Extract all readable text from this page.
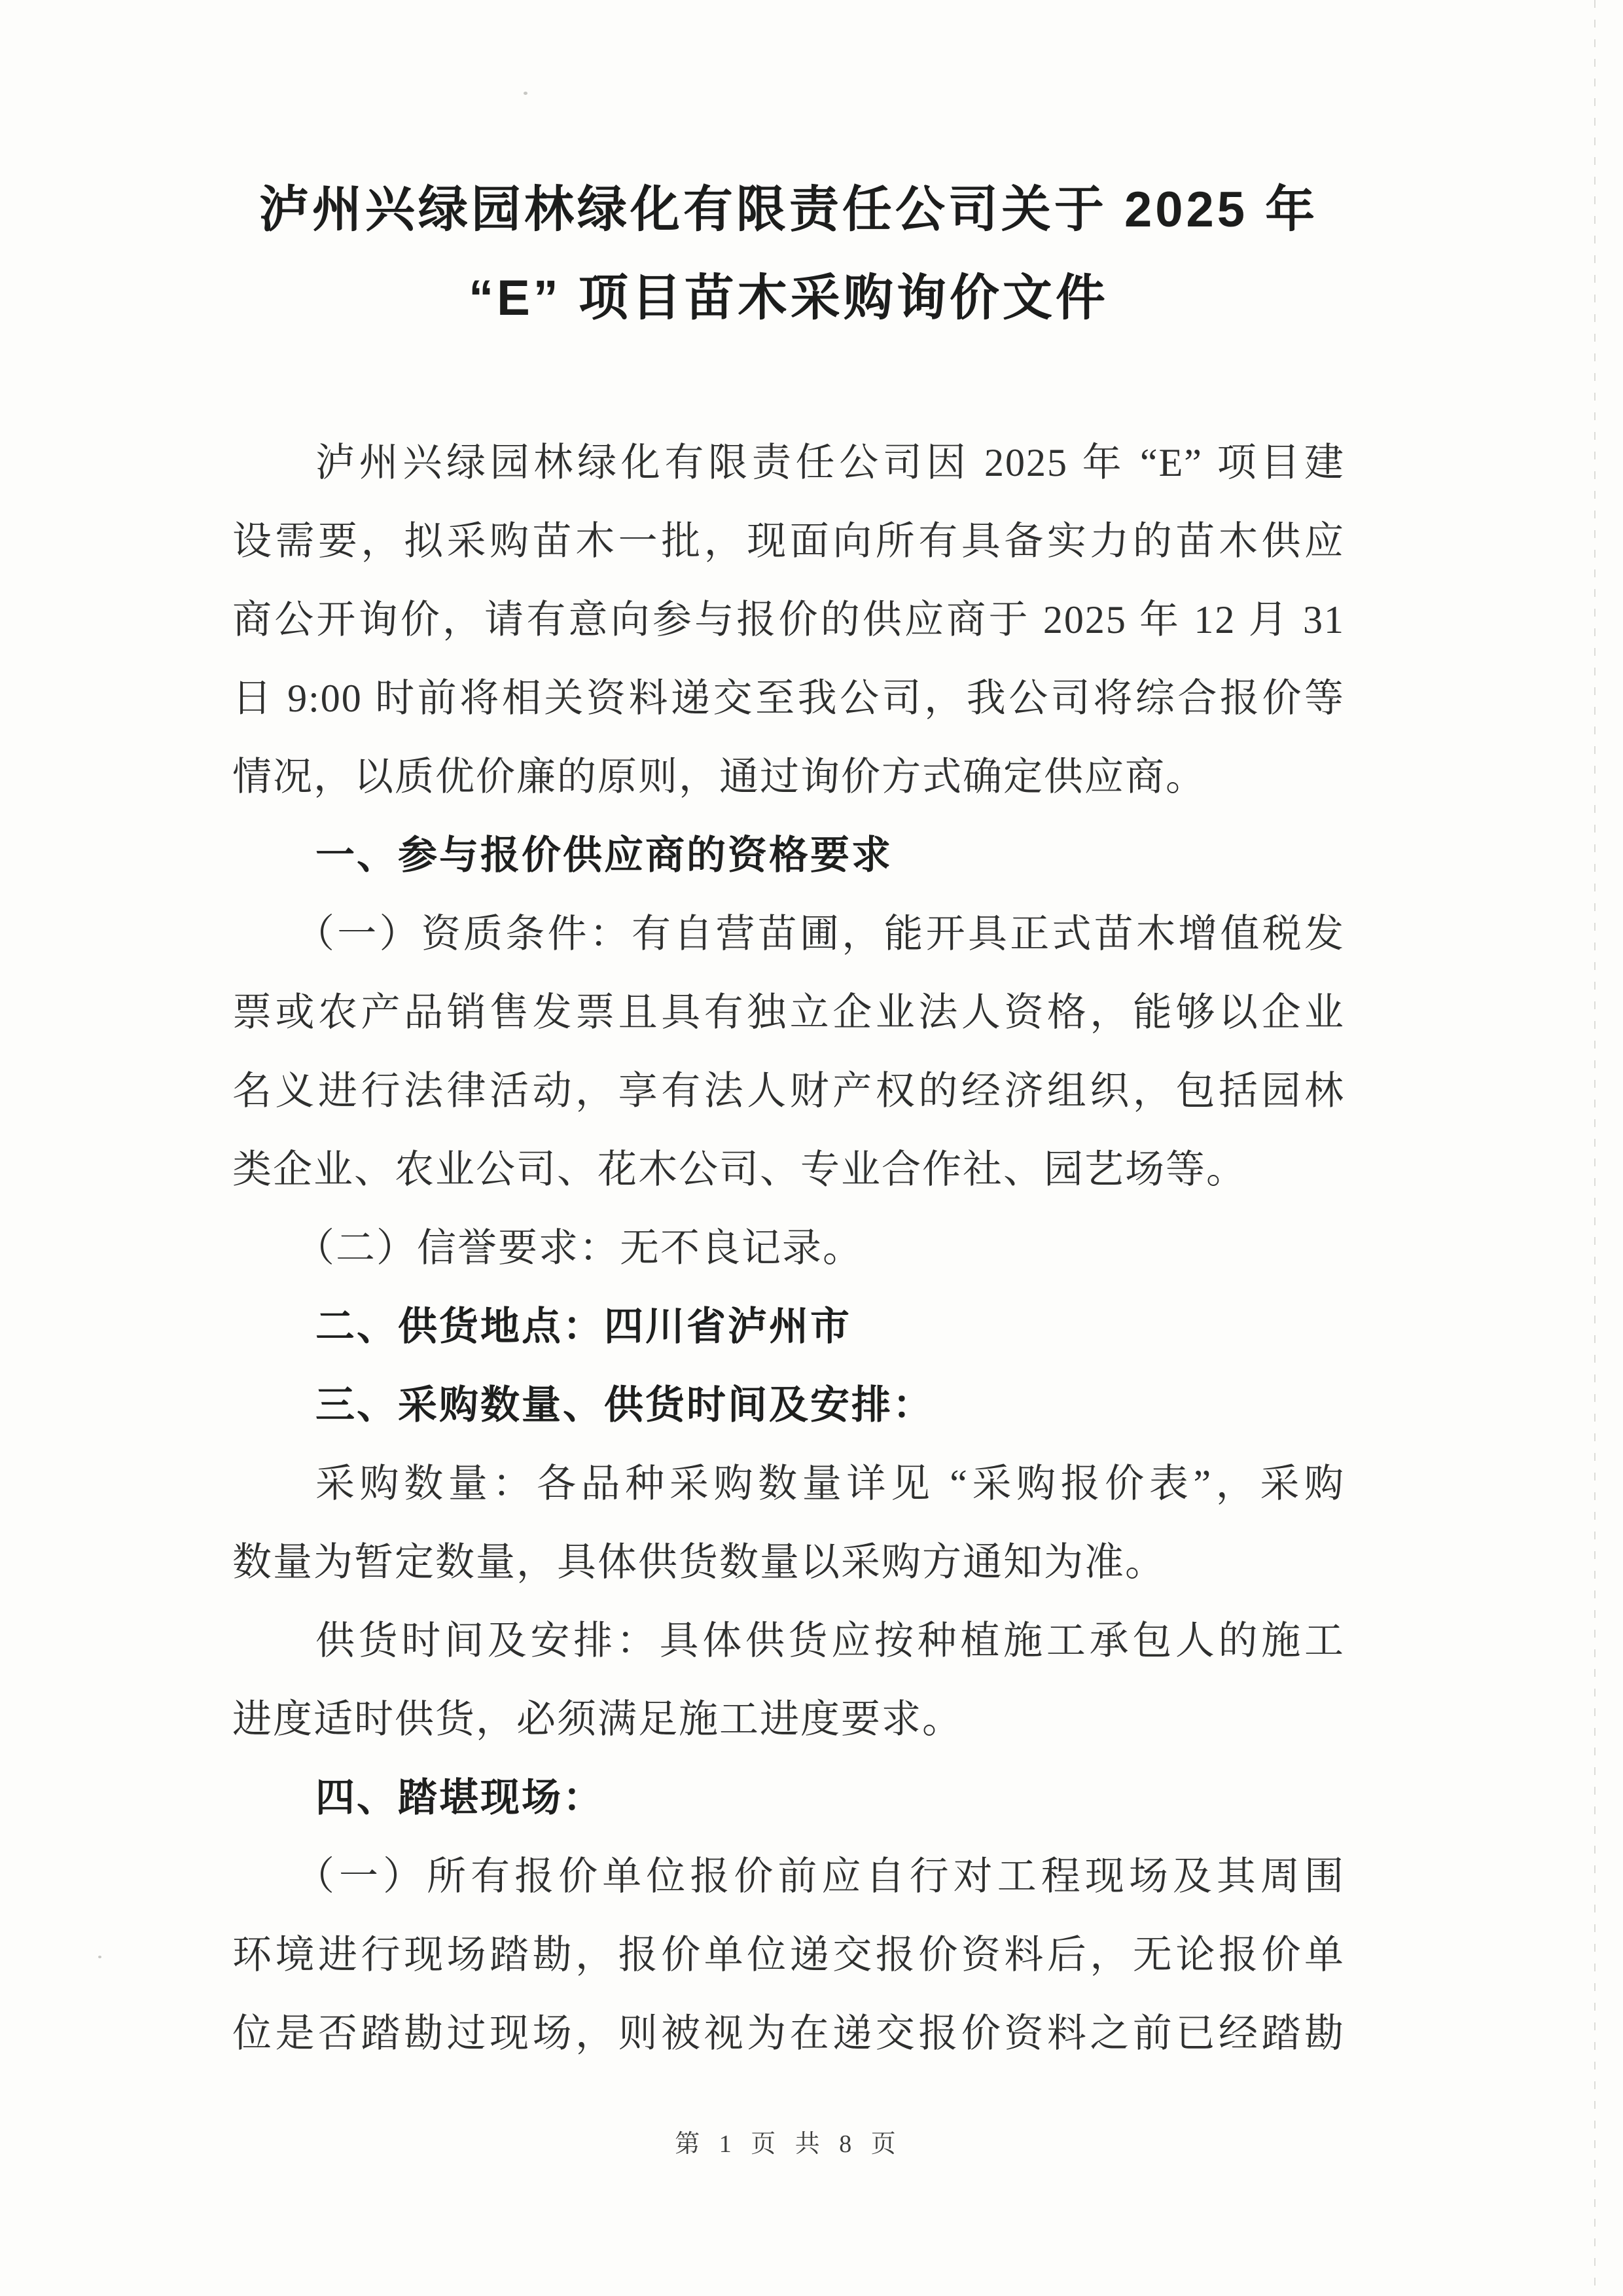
泸州兴绿园林绿化有限责任公司关于 2025 年
“E” 项目苗木采购询价文件
泸州兴绿园林绿化有限责任公司因 2025 年 “E” 项目建
设需要，拟采购苗木一批，现面向所有具备实力的苗木供应
商公开询价，请有意向参与报价的供应商于 2025 年 12 月 31
日 9:00 时前将相关资料递交至我公司，我公司将综合报价等
情况，以质优价廉的原则，通过询价方式确定供应商。
一、参与报价供应商的资格要求
（一）资质条件：有自营苗圃，能开具正式苗木增值税发
票或农产品销售发票且具有独立企业法人资格，能够以企业
名义进行法律活动，享有法人财产权的经济组织，包括园林
类企业、农业公司、花木公司、专业合作社、园艺场等。
（二）信誉要求：无不良记录。
二、供货地点：四川省泸州市
三、采购数量、供货时间及安排：
采购数量：各品种采购数量详见 “采购报价表”，采购
数量为暂定数量，具体供货数量以采购方通知为准。
供货时间及安排：具体供货应按种植施工承包人的施工
进度适时供货，必须满足施工进度要求。
四、踏堪现场：
（一）所有报价单位报价前应自行对工程现场及其周围
环境进行现场踏勘，报价单位递交报价资料后，无论报价单
位是否踏勘过现场，则被视为在递交报价资料之前已经踏勘
第 1 页 共 8 页
